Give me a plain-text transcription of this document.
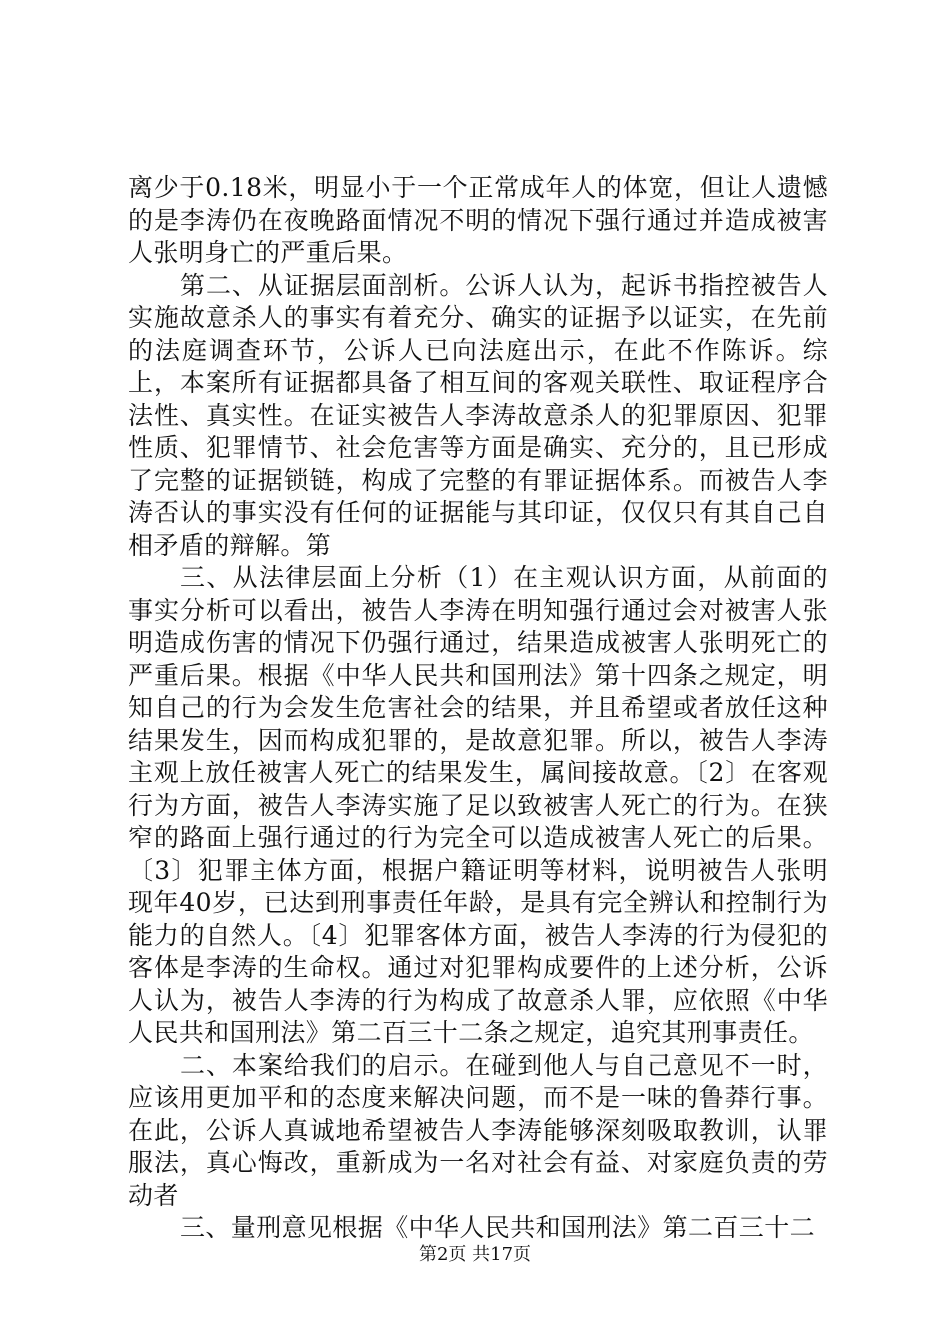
离少于0.18米，明显小于一个正常成年人的体宽，但让人遗憾的是李涛仍在夜晚路面情况不明的情况下强行通过并造成被害人张明身亡的严重后果。

第二、从证据层面剖析。公诉人认为，起诉书指控被告人实施故意杀人的事实有着充分、确实的证据予以证实，在先前的法庭调查环节，公诉人已向法庭出示，在此不作陈诉。综上，本案所有证据都具备了相互间的客观关联性、取证程序合法性、真实性。在证实被告人李涛故意杀人的犯罪原因、犯罪性质、犯罪情节、社会危害等方面是确实、充分的，且已形成了完整的证据锁链，构成了完整的有罪证据体系。而被告人李涛否认的事实没有任何的证据能与其印证，仅仅只有其自己自相矛盾的辩解。第

三、从法律层面上分析（1）在主观认识方面，从前面的事实分析可以看出，被告人李涛在明知强行通过会对被害人张明造成伤害的情况下仍强行通过，结果造成被害人张明死亡的严重后果。根据《中华人民共和国刑法》第十四条之规定，明知自己的行为会发生危害社会的结果，并且希望或者放任这种结果发生，因而构成犯罪的，是故意犯罪。所以，被告人李涛主观上放任被害人死亡的结果发生，属间接故意。〔2〕在客观行为方面，被告人李涛实施了足以致被害人死亡的行为。在狭窄的路面上强行通过的行为完全可以造成被害人死亡的后果。〔3〕犯罪主体方面，根据户籍证明等材料，说明被告人张明现年40岁，已达到刑事责任年龄，是具有完全辨认和控制行为能力的自然人。〔4〕犯罪客体方面，被告人李涛的行为侵犯的客体是李涛的生命权。通过对犯罪构成要件的上述分析，公诉人认为，被告人李涛的行为构成了故意杀人罪，应依照《中华人民共和国刑法》第二百三十二条之规定，追究其刑事责任。

二、本案给我们的启示。在碰到他人与自己意见不一时，应该用更加平和的态度来解决问题，而不是一味的鲁莽行事。在此，公诉人真诚地希望被告人李涛能够深刻吸取教训，认罪服法，真心悔改，重新成为一名对社会有益、对家庭负责的劳动者

三、量刑意见根据《中华人民共和国刑法》第二百三十二

第2页 共17页
